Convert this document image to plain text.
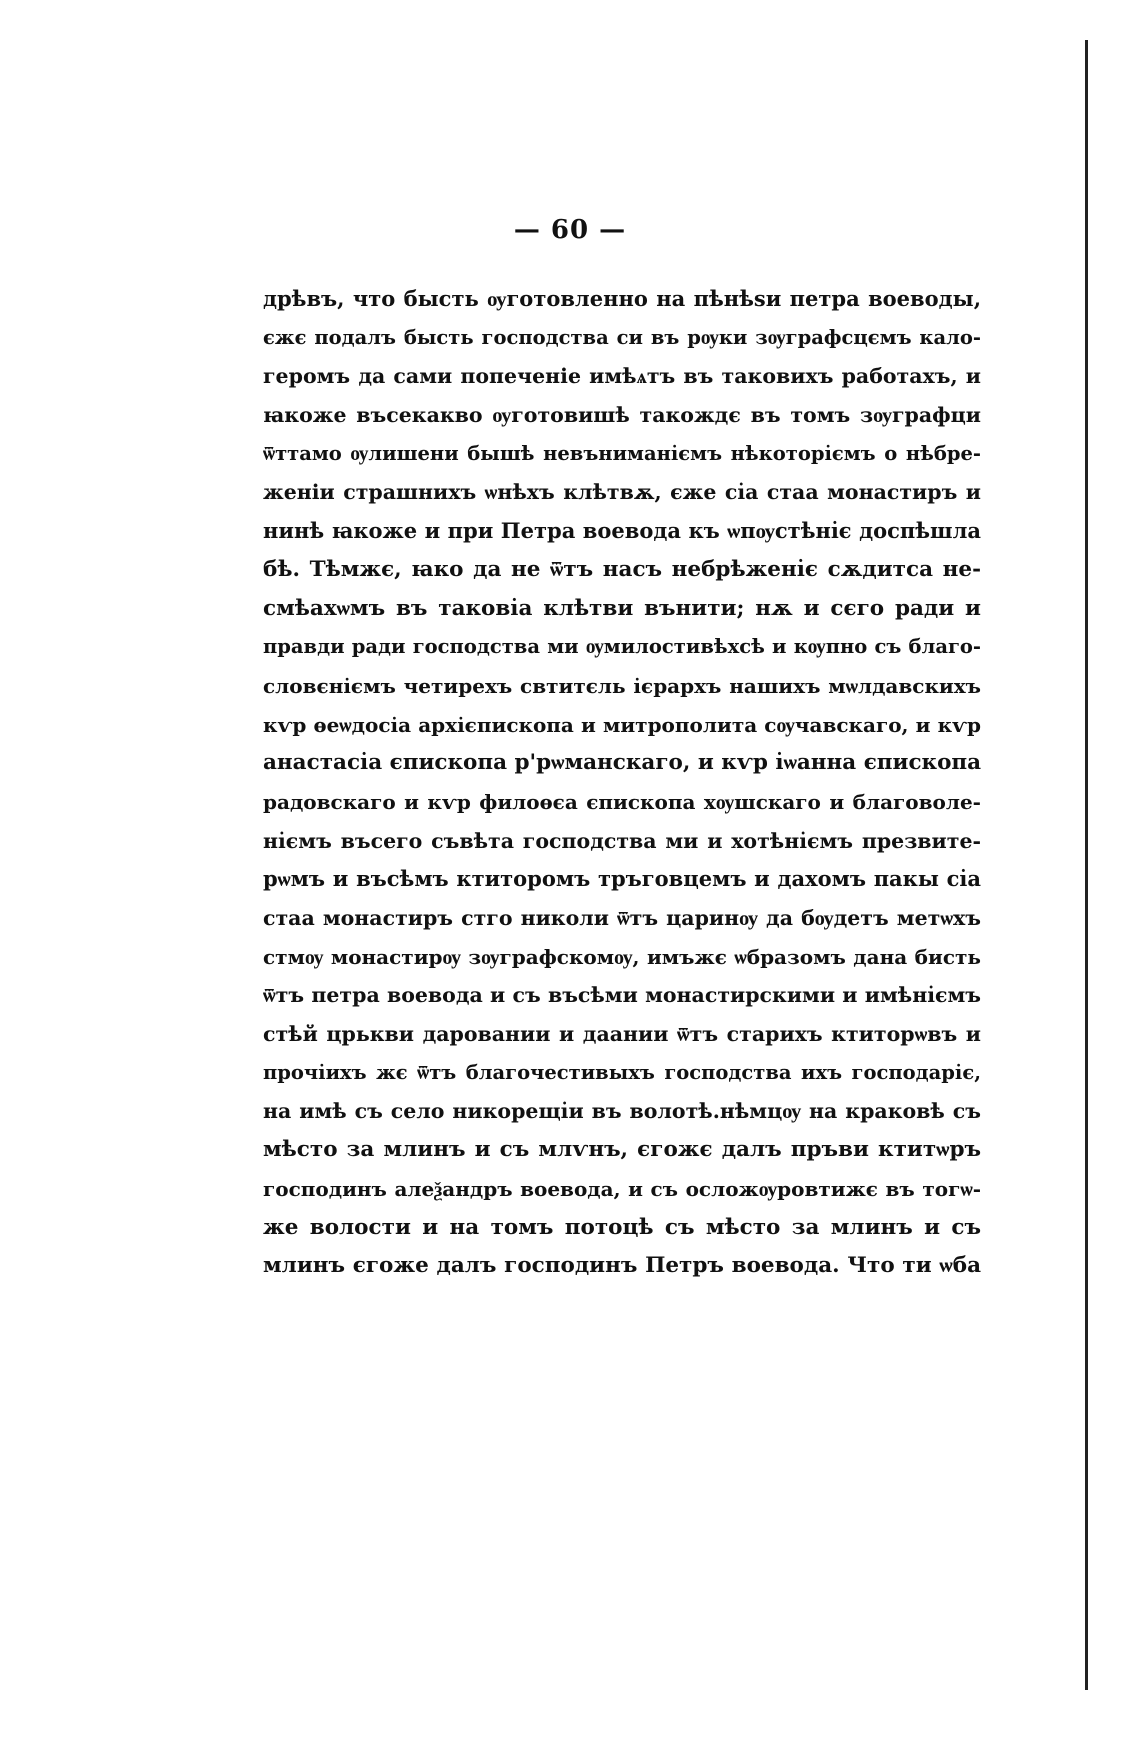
— 60 —
дрѣвъ, что бысть ѹготовленно на пѣнѣѕи петра воеводы,
єжє подалъ бысть господства си въ рѹки зѹграфсцємъ кало-
геромъ да сами попеченіе имѣѧтъ въ таковихъ работахъ, и
ꙗкоже въсекакво ѹготовишѣ такождє въ томъ зѹграфци
ѿттамо ѹлишени бышѣ невънимані̇ємъ нѣкоторі̇ємъ о нѣбре-
женіи страшнихъ ѡнѣхъ клѣтвѫ, єже сі̇а стаа монастиръ и
нинѣ ꙗкоже и при Петра воевода къ ѡпѹстѣні̇є доспѣшла
бѣ. Тѣмжє, ꙗко да не ѿтъ насъ небрѣжені̇є сѫдитса не-
смѣахѡмъ въ такові̇а клѣтви вънити; нѫ и сєго ради и
правди ради господства ми ѹмилостивѣхсѣ и кѹпно съ благо-
словєні̇ємъ четирехъ свтитєль і̇єрархъ нашихъ мѡлдавскихъ
кѵр ѳеѡдосі̇а архі̇єпископа и митрополита сѹчавскаго, и кѵр
анастасі̇а єпископа р'рѡманскаго, и кѵр і̇ѡанна єпископа
радовскаго и кѵр филоѳєа єпископа хѹшскаго и благоволе-
ні̇ємъ въсего съвѣта господства ми и хотѣні̇ємъ презвите-
рѡмъ и въсѣмъ ктиторомъ тръговцемъ и дахомъ пакы сі̇а
стаа монастиръ стго николи ѿтъ царинѹ да бѹдетъ метѡхъ
стмѹ монастирѹ зѹграфскомѹ, имъжє ѡбразомъ дана бисть
ѿтъ петра воевода и съ въсѣми монастирскими и имѣні̇ємъ
стѣй црькви даровании и даании ѿтъ старихъ ктиторѡвъ и
прочі̇ихъ жє ѿтъ благочестивыхъ господства ихъ господарі̇є,
на имѣ съ село никорещі̇и въ волотѣ.нѣмцѹ на краковѣ съ
мѣсто за млинъ и съ млѵнъ, єгожє далъ пръви ктитѡръ
господинъ алеѯандръ воевода, и съ осложѹровтижє въ тогѡ-
же волости и на томъ потоцѣ съ мѣсто за млинъ и съ
млинъ єгоже далъ господинъ Петръ воевода. Что ти ѡба
